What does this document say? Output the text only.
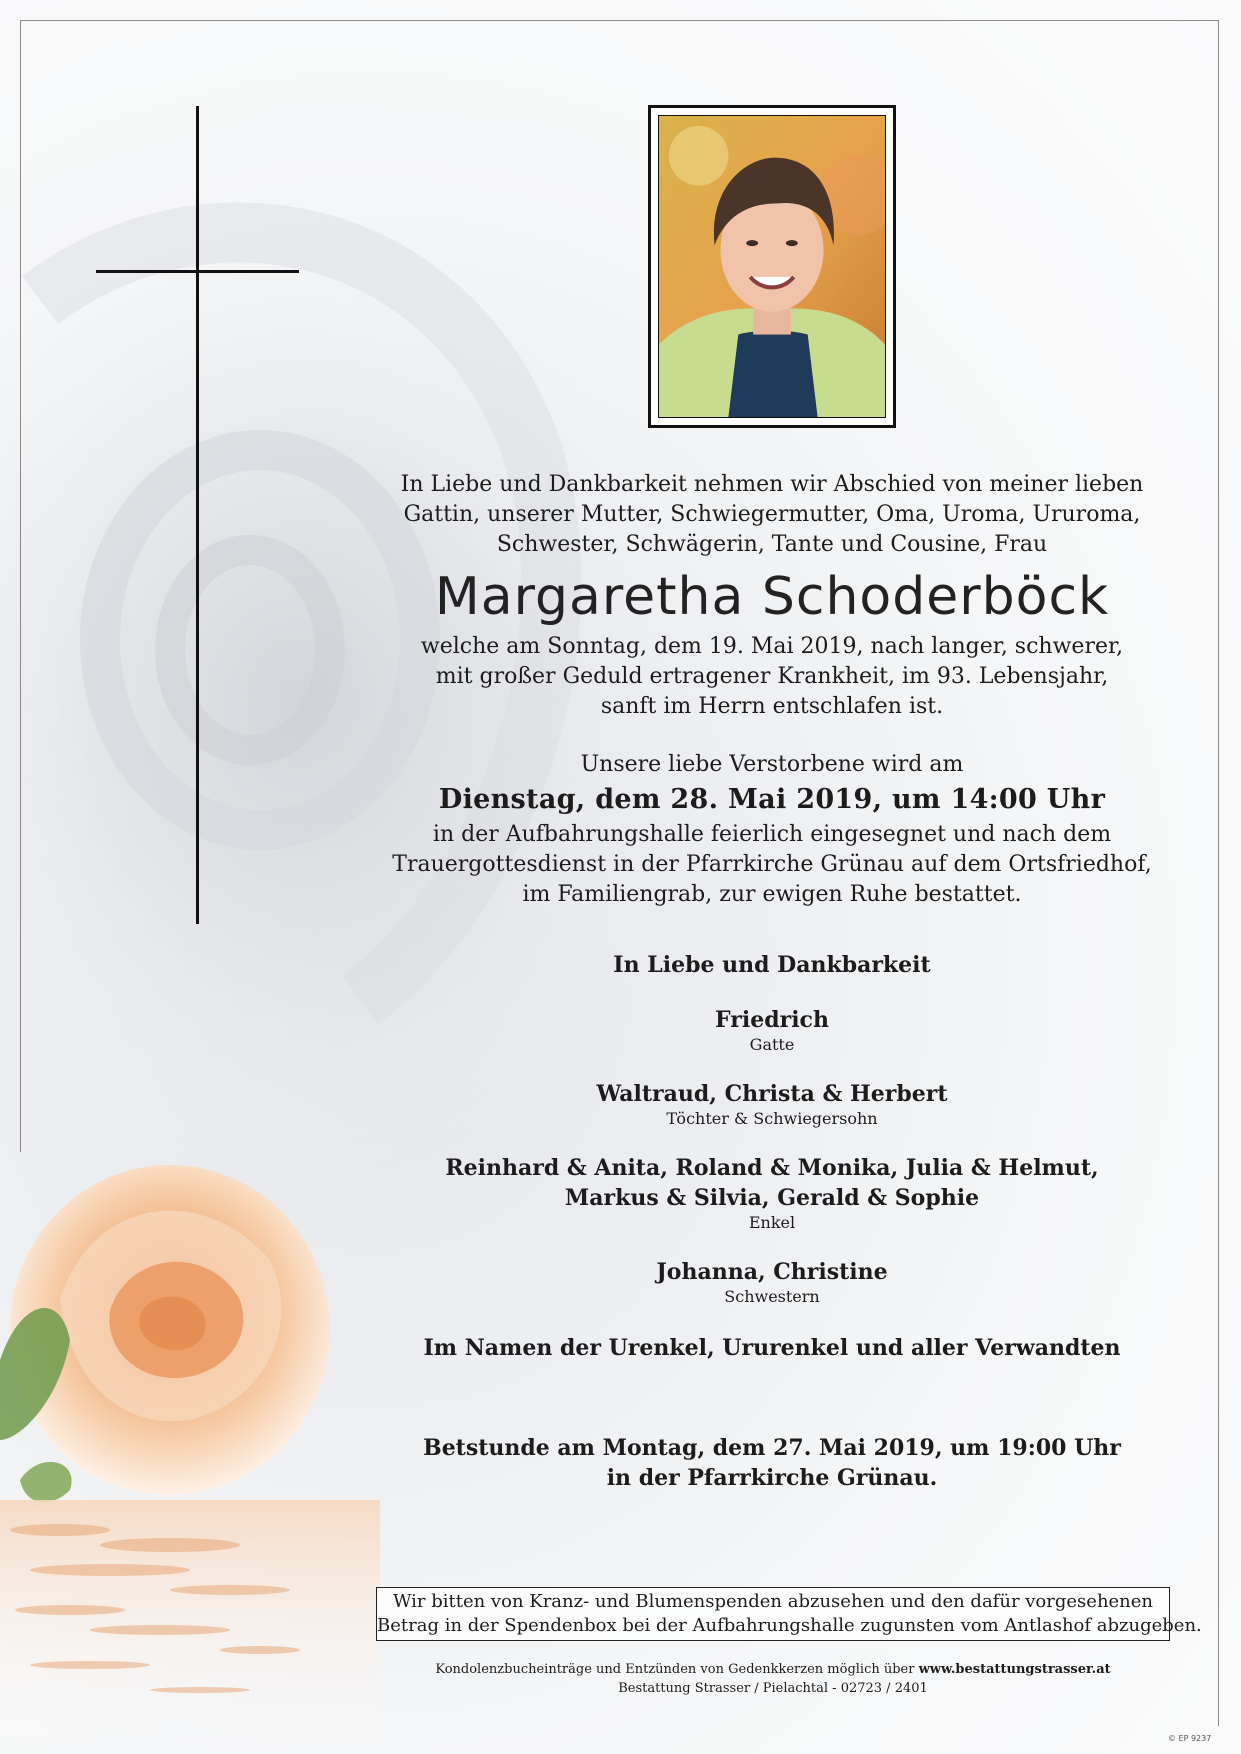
In Liebe und Dankbarkeit nehmen wir Abschied von meiner lieben
Gattin, unserer Mutter, Schwiegermutter, Oma, Uroma, Ururoma,
Schwester, Schwägerin, Tante und Cousine, Frau
Margaretha Schoderböck
welche am Sonntag, dem 19. Mai 2019, nach langer, schwerer,
mit großer Geduld ertragener Krankheit, im 93. Lebensjahr,
sanft im Herrn entschlafen ist.
Unsere liebe Verstorbene wird am
Dienstag, dem 28. Mai 2019, um 14:00 Uhr
in der Aufbahrungshalle feierlich eingesegnet und nach dem
Trauergottesdienst in der Pfarrkirche Grünau auf dem Ortsfriedhof,
im Familiengrab, zur ewigen Ruhe bestattet.
In Liebe und Dankbarkeit
Friedrich
Gatte
Waltraud, Christa & Herbert
Töchter & Schwiegersohn
Reinhard & Anita, Roland & Monika, Julia & Helmut,
Markus & Silvia, Gerald & Sophie
Enkel
Johanna, Christine
Schwestern
Im Namen der Urenkel, Ururenkel und aller Verwandten
Betstunde am Montag, dem 27. Mai 2019, um 19:00 Uhr
in der Pfarrkirche Grünau.
Wir bitten von Kranz- und Blumenspenden abzusehen und den dafür vorgesehenen
Betrag in der Spendenbox bei der Aufbahrungshalle zugunsten vom Antlashof abzugeben.
Kondolenzbucheinträge und Entzünden von Gedenkkerzen möglich über www.bestattungstrasser.at
Bestattung Strasser / Pielachtal - 02723 / 2401
© EP 9237
